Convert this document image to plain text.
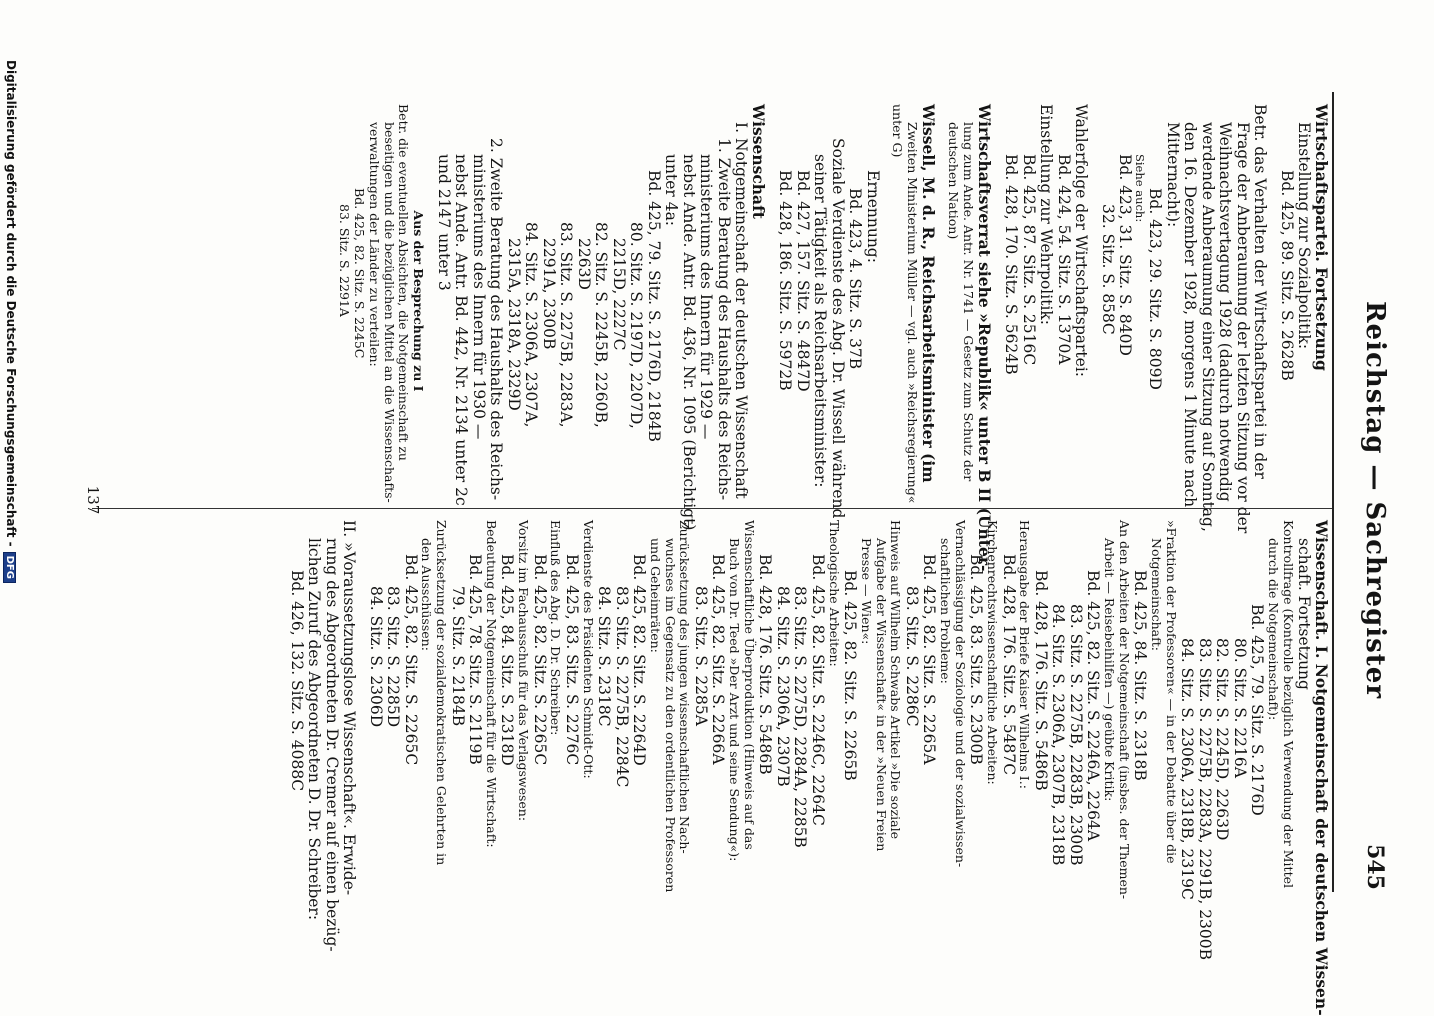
Reichstag — Sachregister
545
Wirtschaftspartei. Fortsetzung
Einstellung zur Sozialpolitik:
Bd. 425, 89. Sitz. S. 2628B
Betr. das Verhalten der Wirtschaftspartei in der
Frage der Anberaumung der letzten Sitzung vor der
Weihnachtsvertagung 1928 (dadurch notwendig
werdende Anberaumung einer Sitzung auf Sonntag,
den 16. Dezember 1928, morgens 1 Minute nach
Mitternacht):
Bd. 423, 29. Sitz. S. 809D
Siehe auch:
Bd. 423, 31. Sitz. S. 840D
32. Sitz. S. 858C
Wahlerfolge der Wirtschaftspartei:
Bd. 424, 54. Sitz. S. 1370A
Einstellung zur Wehrpolitik:
Bd. 425, 87. Sitz. S. 2516C
Bd. 428, 170. Sitz. S. 5624B
Wirtschaftsverrat siehe »Republik« unter B II (Unter-
lung zum Ande. Antr. Nr. 1741 — Gesetz zum Schutz der
deutschen Nation)
Wissell, M. d. R., Reichsarbeitsminister (im
Zweiten Ministerium Müller — vgl. auch »Reichsregierung«
unter G)
Ernennung:
Bd. 423, 4. Sitz. S. 37B
Soziale Verdienste des Abg. Dr. Wissell während
seiner Tätigkeit als Reichsarbeitsminister:
Bd. 427, 157. Sitz. S. 4847D
Bd. 428, 186. Sitz. S. 5972B
Wissenschaft
I. Notgemeinschaft der deutschen Wissenschaft
1. Zweite Beratung des Haushalts des Reichs-
ministeriums des Innern für 1929 —
nebst Ande. Antr. Bd. 436, Nr. 1095 (Berichtigt)
unter 4a:
Bd. 425, 79. Sitz. S. 2176D, 2184B
80. Sitz. S. 2197D, 2207D,
2215D, 2227C
82. Sitz. S. 2245B, 2260B,
2263D
83. Sitz. S. 2275B, 2283A,
2291A, 2300B
84. Sitz. S. 2306A, 2307A,
2315A, 2318A, 2329D
2. Zweite Beratung des Haushalts des Reichs-
ministeriums des Innern für 1930 —
nebst Ande. Antr. Bd. 442, Nr. 2134 unter 2c
und 2147 unter 3
Aus der Besprechung zu I
Betr. die eventuellen Absichten, die Notgemeinschaft zu
beseitigen und die bezüglichen Mittel an die Wissenschafts-
verwaltungen der Länder zu verteilen:
Bd. 425, 82. Sitz. S. 2245C
83. Sitz. S. 2291A
Wissenschaft. I. Notgemeinschaft der deutschen Wissen-
schaft. Fortsetzung
Kontrollfrage (Kontrolle bezüglich Verwendung der Mittel
durch die Notgemeinschaft):
Bd. 425, 79. Sitz. S. 2176D
80. Sitz. S. 2216A
82. Sitz. S. 2245D, 2263D
83. Sitz. S. 2275B, 2283A, 2291B, 2300B
84. Sitz. S. 2306A, 2318B, 2319C
»Fraktion der Professoren« — in der Debatte über die
Notgemeinschaft:
Bd. 425, 84. Sitz. S. 2318B
An den Arbeiten der Notgemeinschaft (insbes. der Themen-
Arbeit — Reisebeihilfen —) geübte Kritik:
Bd. 425, 82. Sitz. S. 2246A, 2264A
83. Sitz. S. 2275B, 2283B, 2300B
84. Sitz. S. 2306A, 2307B, 2318B
Bd. 428, 176. Sitz. S. 5486B
Herausgabe der Briefe Kaiser Wilhelms I.:
Bd. 428, 176. Sitz. S. 5487C
Kirchenrechtswissenschaftliche Arbeiten:
Bd. 425, 83. Sitz. S. 2300B
Vernachlässigung der Soziologie und der sozialwissen-
schaftlichen Probleme:
Bd. 425, 82. Sitz. S. 2265A
83. Sitz. S. 2286C
Hinweis auf Wilhelm Schwabs Artikel »Die soziale
Aufgabe der Wissenschaft« in der »Neuen Freien
Presse — Wien«:
Bd. 425, 82. Sitz. S. 2265B
Theologische Arbeiten:
Bd. 425, 82. Sitz. S. 2246C, 2264C
83. Sitz. S. 2275D, 2284A, 2285B
84. Sitz. S. 2306A, 2307B
Bd. 428, 176. Sitz. S. 5486B
Wissenschaftliche Überproduktion (Hinweis auf das
Buch von Dr. Teed »Der Arzt und seine Sendung«):
Bd. 425, 82. Sitz. S. 2266A
83. Sitz. S. 2285A
Zurücksetzung des jungen wissenschaftlichen Nach-
wuchses im Gegensatz zu den ordentlichen Professoren
und Geheimräten:
Bd. 425, 82. Sitz. S. 2264D
83. Sitz. S. 2275B, 2284C
84. Sitz. S. 2318C
Verdienste des Präsidenten Schmidt-Ott:
Bd. 425, 83. Sitz. S. 2276C
Einfluß des Abg. D. Dr. Schreiber:
Bd. 425, 82. Sitz. S. 2265C
Vorsitz im Fachausschuß für das Verlagswesen:
Bd. 425, 84. Sitz. S. 2318D
Bedeutung der Notgemeinschaft für die Wirtschaft:
Bd. 425, 78. Sitz. S. 2119B
79. Sitz. S. 2184B
Zurücksetzung der sozialdemokratischen Gelehrten in
den Ausschüssen:
Bd. 425, 82. Sitz. S. 2265C
83. Sitz. S. 2285D
84. Sitz. S. 2306D
II. »Voraussetzungslose Wissenschaft«. Erwide-
rung des Abgeordneten Dr. Cremer auf einen bezüg-
lichen Zuruf des Abgeordneten D. Dr. Schreiber:
Bd. 426, 132. Sitz. S. 4088C
137
Digitalisierung gefördert durch die Deutsche Forschungsgemeinschaft -DFG
